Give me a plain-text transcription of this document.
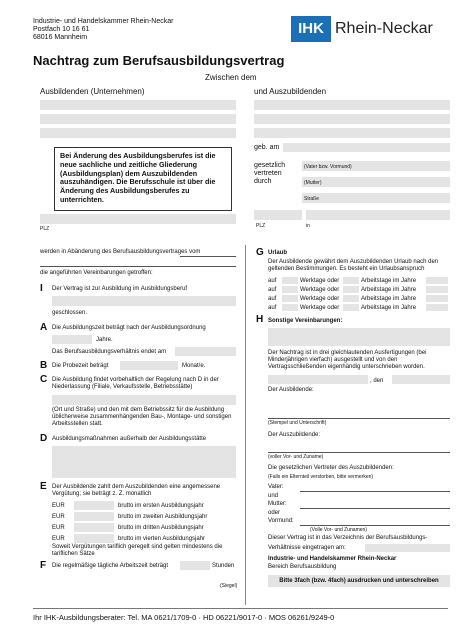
Industrie- und Handelskammer Rhein-Neckar
Postfach 10 16 61
68016 Mannheim
IHK Rhein-Neckar
Nachtrag zum Berufsausbildungsvertrag
Zwischen dem
Ausbildenden (Unternehmen)	und Auszubildenden
Bei Änderung des Ausbildungsberufes ist die neue sachliche und zeitliche Gliederung (Ausbildungsplan) dem Auszubildenden auszuhändigen. Die Berufsschule ist über die Änderung des Ausbildungsberufes zu unterrichten.
PLZ
geb. am
gesetzlich vertreten durch
(Vater bzw. Vormund)
(Mutter)
Straße
PLZ	in
werden in Abänderung des Berufsausbildungsvertrages vom
die angeführten Vereinbarungen getroffen:
I Der Vertrag ist zur Ausbildung im Ausbildungsberuf
geschlossen.
A Die Ausbildungszeit beträgt nach der Ausbildungsordnung
Jahre.
Das Berufsausbildungsverhältnis endet am
B Die Probezeit beträgt	Monat/e.
C Die Ausbildung findet vorbehaltlich der Regelung nach D in der Niederlassung (Filiale, Verkaufsstelle, Betriebsstätte)
(Ort und Straße) und den mit dem Betriebssitz für die Ausbildung üblicherweise zusammenhängenden Bau-, Montage- und sonstigen Arbeitsstellen statt.
D Ausbildungsmaßnahmen außerhalb der Ausbildungsstätte
E Der Ausbildende zahlt dem Auszubildenden eine angemessene Vergütung; sie beträgt z. Z. monatlich
EUR	brutto im ersten Ausbildungsjahr
EUR	brutto im zweiten Ausbildungsjahr
EUR	brutto im dritten Ausbildungsjahr
EUR	brutto im vierten Ausbildungsjahr
Soweit Vergütungen tariflich geregelt sind gelten mindestens die tariflichen Sätze
F Die regelmäßige tägliche Arbeitszeit beträgt	Stunden
(Siegel)
G Urlaub
Der Ausbildende gewährt dem Auszubildenden Urlaub nach den geltenden Bestimmungen. Es besteht ein Urlaubsanspruch
auf	Werktage oder	Arbeitstage im Jahre
auf	Werktage oder	Arbeitstage im Jahre
auf	Werktage oder	Arbeitstage im Jahre
auf	Werktage oder	Arbeitstage im Jahre
H Sonstige Vereinbarungen:
Der Nachtrag ist in drei gleichlautenden Ausfertigungen (bei Minderjährigen vierfach) ausgestellt und von den Vertragsschließenden eigenhändig unterschrieben worden.
, den
Der Ausbildende:
(Stempel und Unterschrift)
Der Auszubildende:
(voller Vor- und Zuname)
Die gesetzlichen Vertreter des Auszubildenden:
(Falls ein Elternteil verstorben, bitte vermerken)
Vater:
und
Mutter:
oder
Vormund:
(Volle Vor- und Zunamen)
Dieser Vertrag ist in das Verzeichnis der Berufsausbildungs-
Verhältnisse eingetragen am:
Industrie- und Handelskammer Rhein-Neckar
Bereich Berufsausbildung
Bitte 3fach (bzw. 4fach) ausdrucken und unterschreiben
Ihr IHK-Ausbildungsberater: Tel. MA 0621/1709-0 · HD 06221/9017-0 · MOS 06261/9249-0
